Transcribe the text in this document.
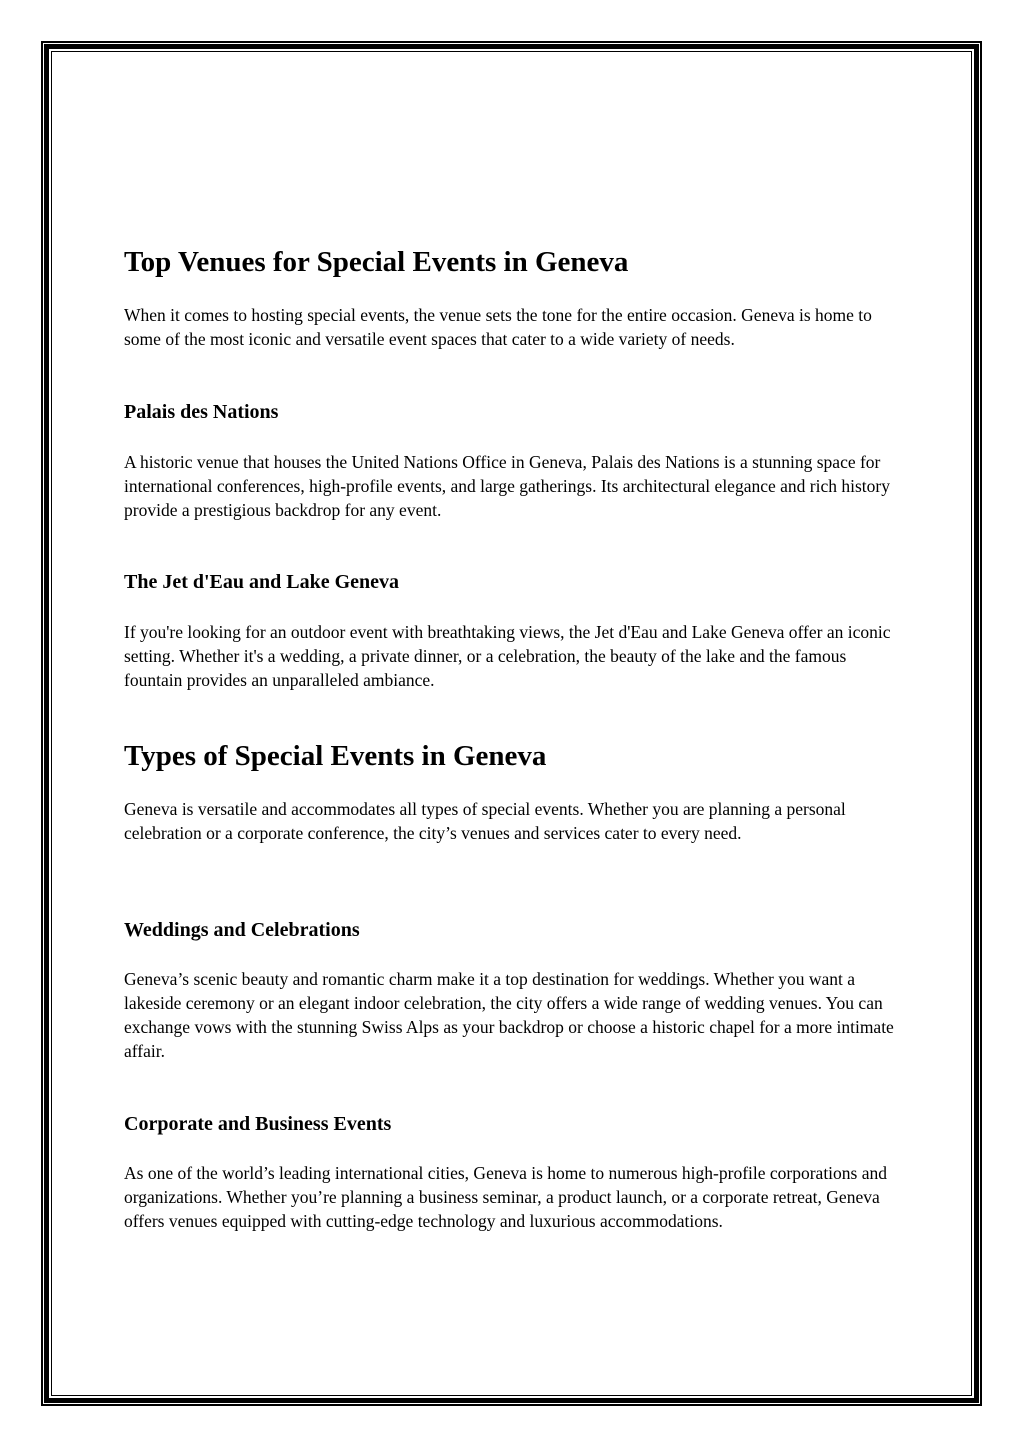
Top Venues for Special Events in Geneva

When it comes to hosting special events, the venue sets the tone for the entire occasion. Geneva is home to some of the most iconic and versatile event spaces that cater to a wide variety of needs.

Palais des Nations

A historic venue that houses the United Nations Office in Geneva, Palais des Nations is a stunning space for international conferences, high-profile events, and large gatherings. Its architectural elegance and rich history provide a prestigious backdrop for any event.

The Jet d'Eau and Lake Geneva

If you're looking for an outdoor event with breathtaking views, the Jet d'Eau and Lake Geneva offer an iconic setting. Whether it's a wedding, a private dinner, or a celebration, the beauty of the lake and the famous fountain provides an unparalleled ambiance.

Types of Special Events in Geneva

Geneva is versatile and accommodates all types of special events. Whether you are planning a personal celebration or a corporate conference, the city’s venues and services cater to every need.

Weddings and Celebrations

Geneva’s scenic beauty and romantic charm make it a top destination for weddings. Whether you want a lakeside ceremony or an elegant indoor celebration, the city offers a wide range of wedding venues. You can exchange vows with the stunning Swiss Alps as your backdrop or choose a historic chapel for a more intimate affair.

Corporate and Business Events

As one of the world’s leading international cities, Geneva is home to numerous high-profile corporations and organizations. Whether you’re planning a business seminar, a product launch, or a corporate retreat, Geneva offers venues equipped with cutting-edge technology and luxurious accommodations.
